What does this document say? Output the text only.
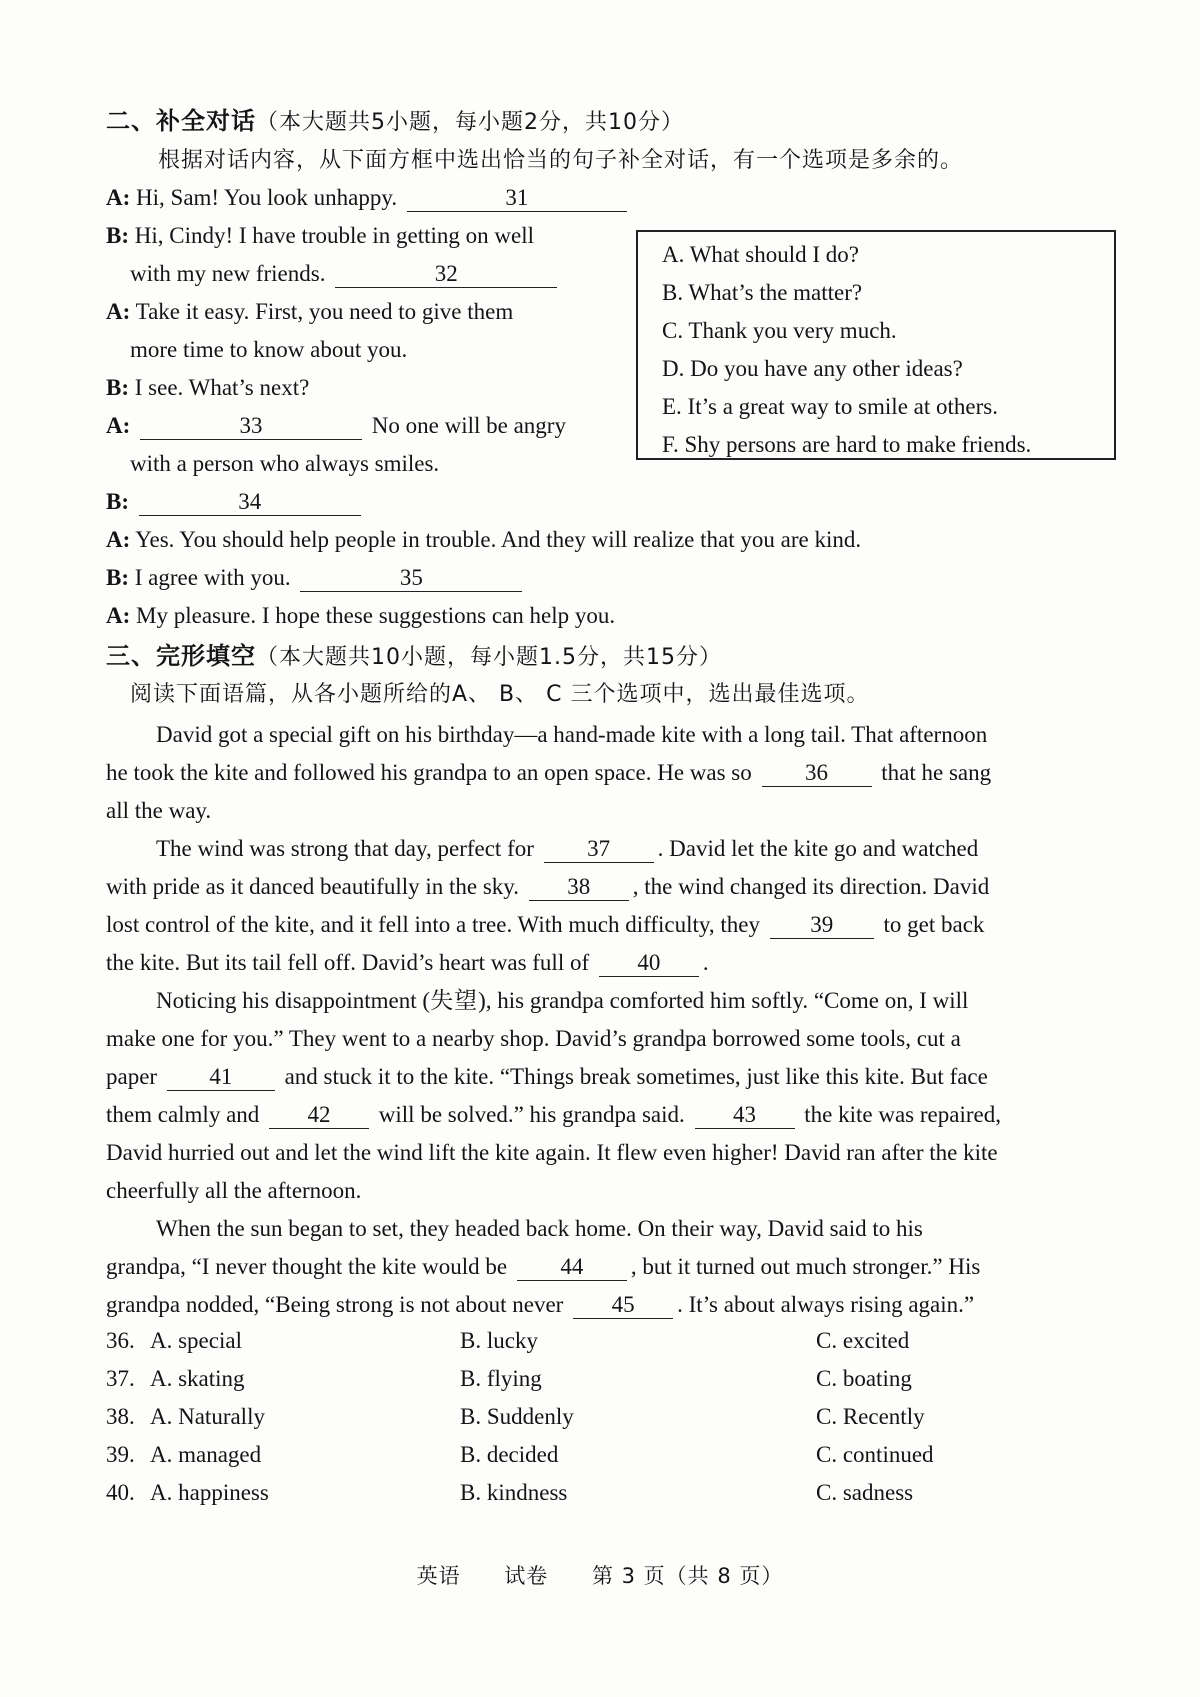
二、补全对话（本大题共5小题，每小题2分，共10分）
根据对话内容，从下面方框中选出恰当的句子补全对话，有一个选项是多余的。
A: Hi, Sam! You look unhappy.	31
B: Hi, Cindy! I have trouble in getting on well
with my new friends.	32
A: Take it easy. First, you need to give them
more time to know about you.
B: I see. What’s next?
A:	33	No one will be angry
with a person who always smiles.
B:	34
A: Yes. You should help people in trouble. And they will realize that you are kind.
B: I agree with you.	35
A: My pleasure. I hope these suggestions can help you.
A. What should I do?
B. What’s the matter?
C. Thank you very much.
D. Do you have any other ideas?
E. It’s a great way to smile at others.
F. Shy persons are hard to make friends.
三、完形填空（本大题共10小题，每小题1.5分，共15分）
阅读下面语篇，从各小题所给的A、 B、 C 三个选项中，选出最佳选项。
David got a special gift on his birthday—a hand-made kite with a long tail. That afternoon
he took the kite and followed his grandpa to an open space. He was so 36 that he sang
all the way.
The wind was strong that day, perfect for 37 . David let the kite go and watched
with pride as it danced beautifully in the sky. 38 , the wind changed its direction. David
lost control of the kite, and it fell into a tree. With much difficulty, they 39 to get back
the kite. But its tail fell off. David’s heart was full of 40 .
Noticing his disappointment (失望), his grandpa comforted him softly. “Come on, I will
make one for you.” They went to a nearby shop. David’s grandpa borrowed some tools, cut a
paper 41 and stuck it to the kite. “Things break sometimes, just like this kite. But face
them calmly and 42 will be solved.” his grandpa said. 43 the kite was repaired,
David hurried out and let the wind lift the kite again. It flew even higher! David ran after the kite
cheerfully all the afternoon.
When the sun began to set, they headed back home. On their way, David said to his
grandpa, “I never thought the kite would be 44 , but it turned out much stronger.” His
grandpa nodded, “Being strong is not about never 45 . It’s about always rising again.”
36. A. special	B. lucky	C. excited
37. A. skating	B. flying	C. boating
38. A. Naturally	B. Suddenly	C. Recently
39. A. managed	B. decided	C. continued
40. A. happiness	B. kindness	C. sadness
英语 试卷 第 3 页（共 8 页）
